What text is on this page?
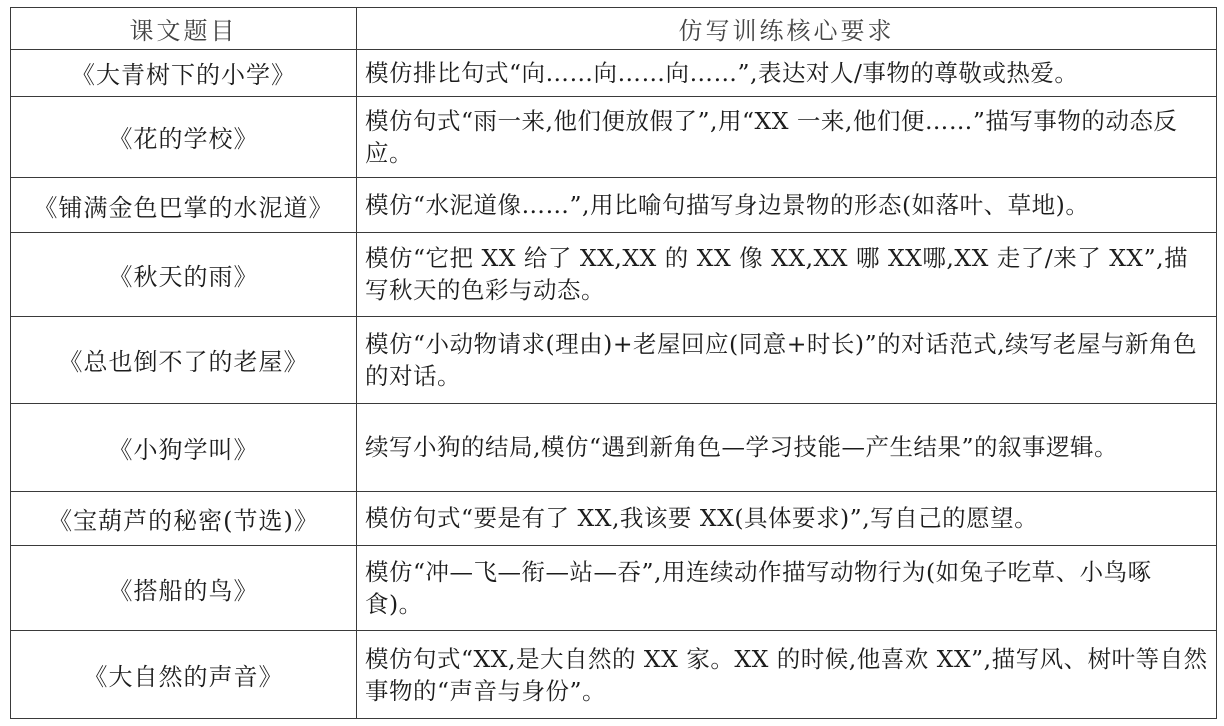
课文题目	仿写训练核心要求
《大青树下的小学》	模仿排比句式“向……向……向……”,表达对人/事物的尊敬或热爱。
《花的学校》	模仿句式“雨一来,他们便放假了”,用“XX 一来,他们便……”描写事物的动态反应。
《铺满金色巴掌的水泥道》	模仿“水泥道像……”,用比喻句描写身边景物的形态(如落叶、草地)。
《秋天的雨》	模仿“它把 XX 给了 XX,XX 的 XX 像 XX,XX 哪 XX哪,XX 走了/来了 XX”,描写秋天的色彩与动态。
《总也倒不了的老屋》	模仿“小动物请求(理由)+老屋回应(同意+时长)”的对话范式,续写老屋与新角色的对话。
《小狗学叫》	续写小狗的结局,模仿“遇到新角色—学习技能—产生结果”的叙事逻辑。
《宝葫芦的秘密(节选)》	模仿句式“要是有了 XX,我该要 XX(具体要求)”,写自己的愿望。
《搭船的鸟》	模仿“冲—飞—衔—站—吞”,用连续动作描写动物行为(如兔子吃草、小鸟啄食)。
《大自然的声音》	模仿句式“XX,是大自然的 XX 家。XX 的时候,他喜欢 XX”,描写风、树叶等自然事物的“声音与身份”。
